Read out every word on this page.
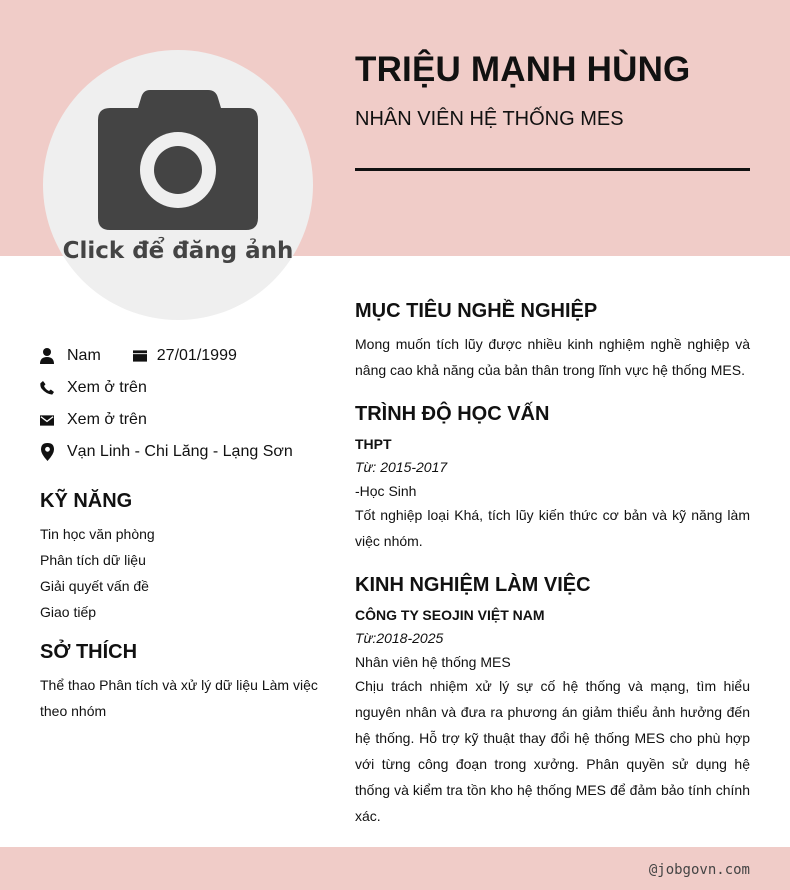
Click để đăng ảnh
TRIỆU MẠNH HÙNG
NHÂN VIÊN HỆ THỐNG MES
Nam	27/01/1999
Xem ở trên
Xem ở trên
Vạn Linh - Chi Lăng - Lạng Sơn
KỸ NĂNG
Tin học văn phòng
Phân tích dữ liệu
Giải quyết vấn đề
Giao tiếp
SỞ THÍCH
Thể thao Phân tích và xử lý dữ liệu Làm việc theo nhóm
MỤC TIÊU NGHỀ NGHIỆP
Mong muốn tích lũy được nhiều kinh nghiệm nghề nghiệp và nâng cao khả năng của bản thân trong lĩnh vực hệ thống MES.
TRÌNH ĐỘ HỌC VẤN
THPT
Từ: 2015-2017
-Học Sinh
Tốt nghiệp loại Khá, tích lũy kiến thức cơ bản và kỹ năng làm việc nhóm.
KINH NGHIỆM LÀM VIỆC
CÔNG TY SEOJIN VIỆT NAM
Từ:2018-2025
Nhân viên hệ thống MES
Chịu trách nhiệm xử lý sự cố hệ thống và mạng, tìm hiểu nguyên nhân và đưa ra phương án giảm thiểu ảnh hưởng đến hệ thống. Hỗ trợ kỹ thuật thay đổi hệ thống MES cho phù hợp với từng công đoạn trong xưởng. Phân quyền sử dụng hệ thống và kiểm tra tồn kho hệ thống MES để đảm bảo tính chính xác.
@jobgovn.com
